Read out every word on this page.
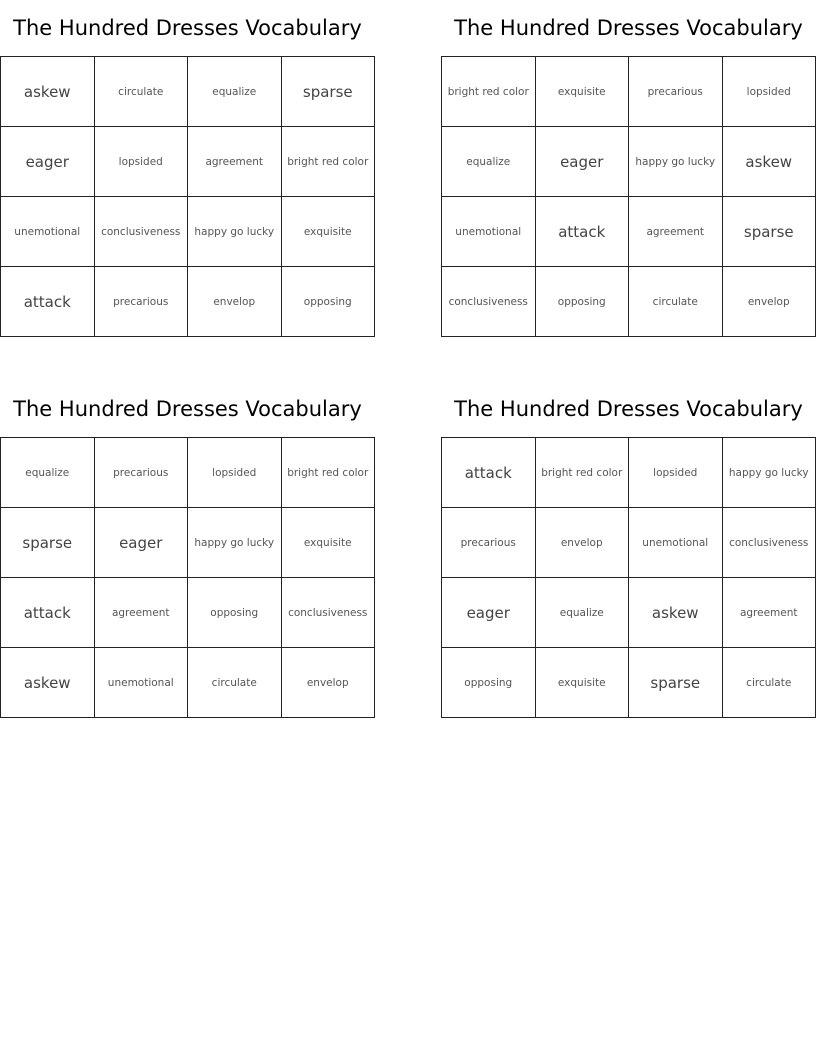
The Hundred Dresses Vocabulary
askew	circulate	equalize	sparse
eager	lopsided	agreement	bright red color
unemotional	conclusiveness	happy go lucky	exquisite
attack	precarious	envelop	opposing
The Hundred Dresses Vocabulary
bright red color	exquisite	precarious	lopsided
equalize	eager	happy go lucky	askew
unemotional	attack	agreement	sparse
conclusiveness	opposing	circulate	envelop
The Hundred Dresses Vocabulary
equalize	precarious	lopsided	bright red color
sparse	eager	happy go lucky	exquisite
attack	agreement	opposing	conclusiveness
askew	unemotional	circulate	envelop
The Hundred Dresses Vocabulary
attack	bright red color	lopsided	happy go lucky
precarious	envelop	unemotional	conclusiveness
eager	equalize	askew	agreement
opposing	exquisite	sparse	circulate
